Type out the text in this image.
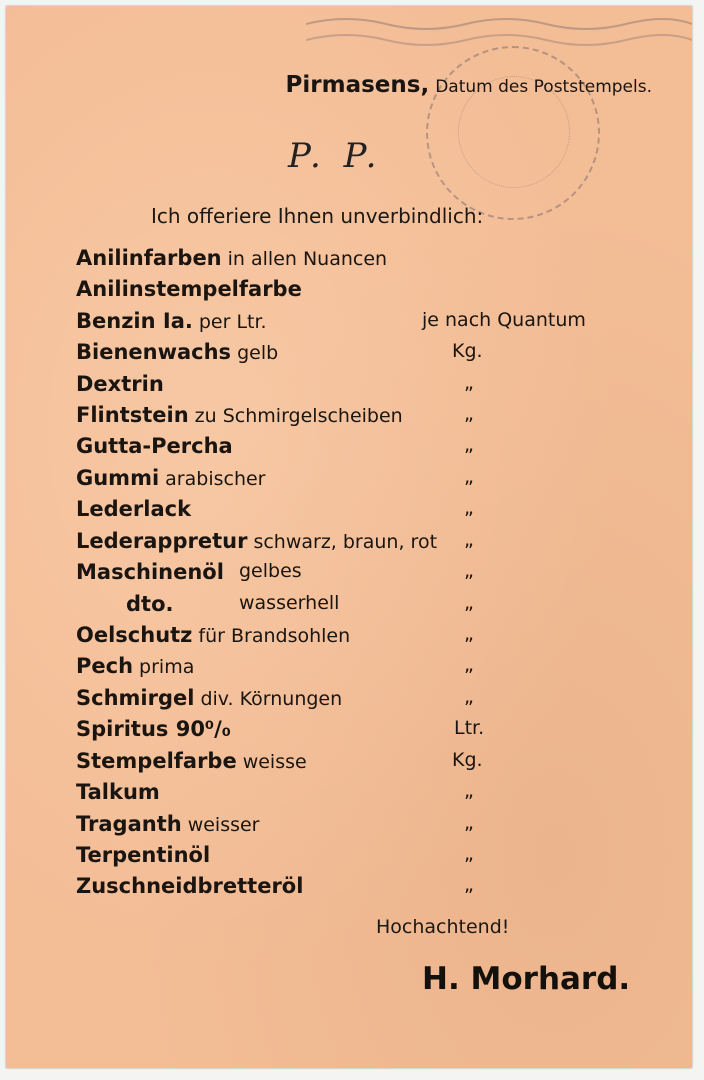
Pirmasens, Datum des Poststempels.
P. P.
Ich offeriere Ihnen unverbindlich:
Anilinfarben in allen Nuancen
Anilinstempelfarbe
Benzin Ia. per Ltr.	je nach Quantum
Bienenwachs gelb	Kg.
Dextrin	„
Flintstein zu Schmirgelscheiben	„
Gutta-Percha	„
Gummi arabischer	„
Lederlack	„
Lederappretur schwarz, braun, rot „
Maschinenöl gelbes	„
dto.	wasserhell	„
Oelschutz für Brandsohlen	„
Pech prima	„
Schmirgel div. Körnungen	„
Spiritus 90⁰/₀	Ltr.
Stempelfarbe weisse	Kg.
Talkum	„
Traganth weisser	„
Terpentinöl	„
Zuschneidbretteröl	„
Hochachtend!
H. Morhard.
